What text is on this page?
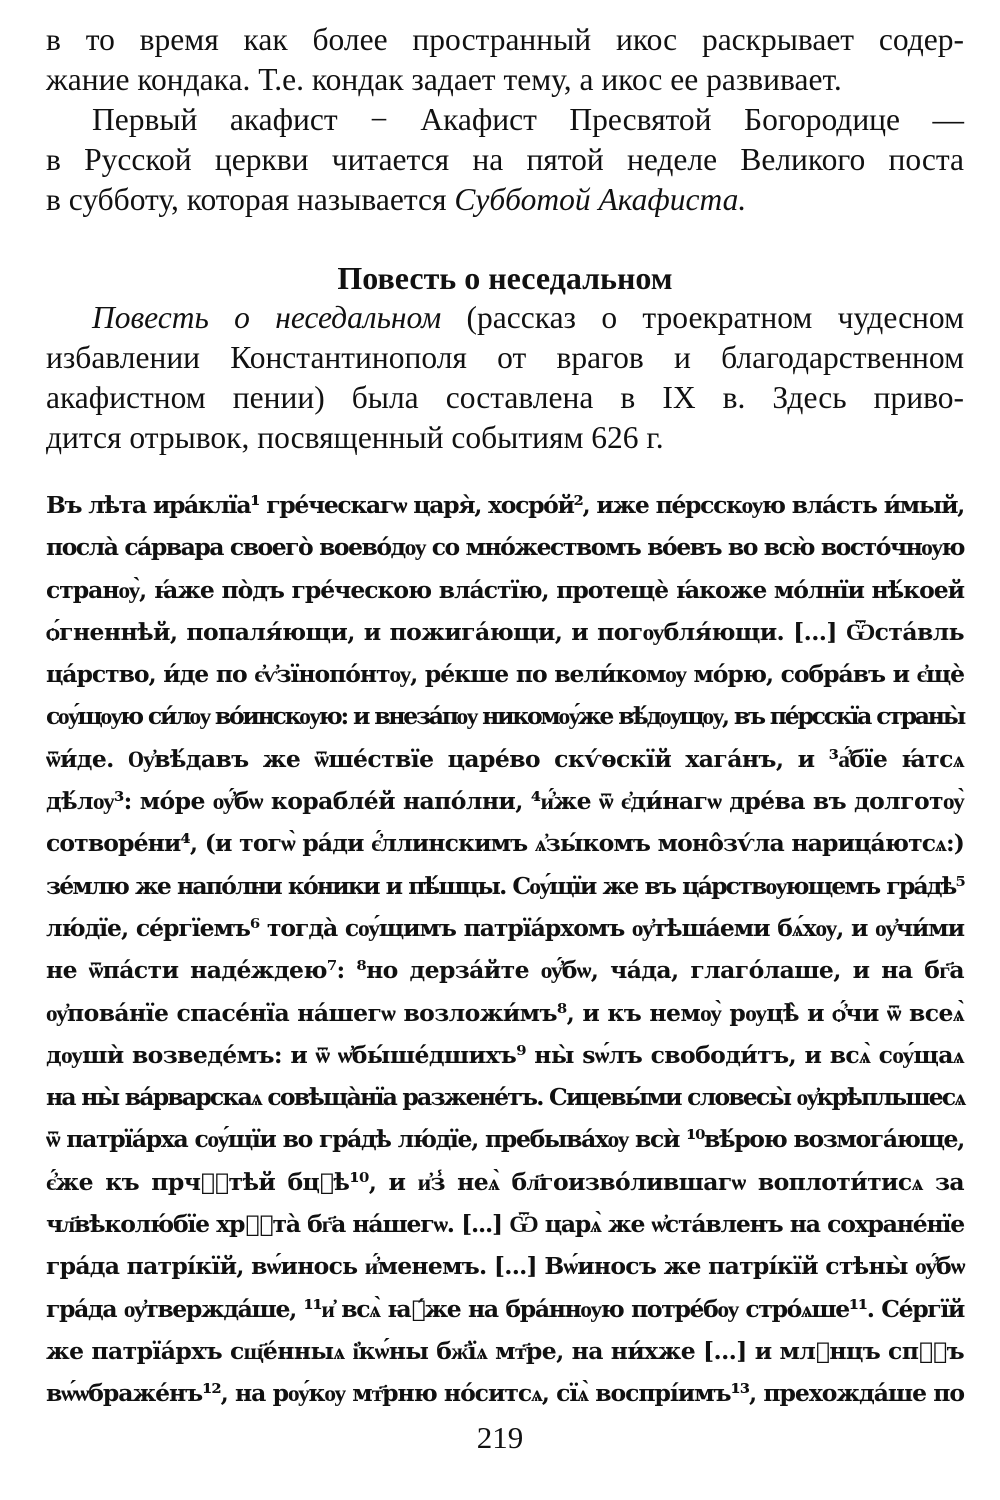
в то время как более пространный икос раскрывает содер-
жание кондака. Т.е. кондак задает тему, а икос ее развивает.
Первый акафист − Акафист Пресвятой Богородице —
в Русской церкви читается на пятой неделе Великого поста
в субботу, которая называется Субботой Акафиста.
Повесть о неседальном
Повесть о неседальном (рассказ о троекратном чудесном
избавлении Константинополя от врагов и благодарственном
акафистном пении) была составлена в IX в. Здесь приво-
дится отрывок, посвященный событиям 626 г.
Въ лѣта ира́клїа¹ гре́ческагѡ царя̀, хосро́й², иже пе́рсскѹю вла́сть и́мый,
посла̀ са́рвара своего̀ воево́дѹ со мно́жествомъ во́евъ во всю̀ восто́чнѹю
странѹ̀, ꙗ́же по̀дъ гре́ческою вла́стїю, протещѐ ꙗ́коже мо́лнїи нѣ́коей
ѻ́гненнѣй, попаля́ющи, и пожига́ющи, и погѹбля́ющи. [...] Ѿста́вль
ца́рство, и́де по є҆ѵ҆зїнопо́нтѹ, ре́кше по вели́комѹ мо́рю, собра́въ и є҆щѐ
сѹ́щѹю си́лѹ во́инскѹю: и внеза́пѹ никомѹ́же вѣ́дѹщѹ, въ пе́рсскїа страны̀
ѿи́де. Ѹ҆вѣ́давъ же ѿше́ствїе царе́во скѵ́ѳскїй хага́нъ, и ³а҆́бїе ꙗ́тсѧ
дѣ́лѹ³: мо́ре ѹ҆́бѡ корабле́й напо́лни, ⁴и҆́же ѿ є҆ди́нагѡ дре́ва въ долготѹ̀
сотворе́ни⁴, (и тогѡ̀ ра́ди є҆́ллинскимъ ѧ҆зы́комъ моно̂зѵ́ла нарица́ютсѧ:)
зе́млю же напо́лни ко́ники и пѣ́шцы. Сѹ́щїи же въ ца́рствѹющемъ гра́дѣ⁵
лю́дїе, се́ргїемъ⁶ тогда̀ сѹ́щимъ патрїа́рхомъ ѹ҆тѣша́еми бѧ́хѹ, и ѹ҆чи́ми
не ѿпа́сти наде́ждею⁷: ⁸но дерза́йте ѹ҆́бѡ, ча́да, глаго́лаше, и на бг҃а
ѹ҆пова́нїе спасе́нїа на́шегѡ возложи́мъ⁸, и къ немѹ̀ рѹцѣ̀ и ѻ҆́чи ѿ всеѧ̀
дѹшѝ возведе́мъ: и ѿ ѡ҆бы́ше́дшихъ⁹ ны̀ ѕѡ́лъ свободи́тъ, и всѧ̀ сѹ́щаѧ
на ны̀ ва́рварскаѧ совѣща̀нїа разжене́тъ. Сицевы́ми словесы̀ ѹ҆крѣпльшесѧ
ѿ патрїа́рха сѹ́щїи во гра́дѣ лю́дїе, пребыва́хѹ всѝ ¹⁰вѣ́рою возмога́юще,
є҆́же къ прчⷭ҇тѣй бцⷣѣ¹⁰, и и҆з̾ неѧ̀ бл҃гоизво́лившагѡ воплоти́тисѧ за
чл҃вѣколю́бїе хрⷭ҇та̀ бг҃а на́шегѡ. [...] Ѿ царѧ̀ же ѡ҆ста́вленъ на сохране́нїе
гра́да патрі́кїй, вѡ́инось и҆́менемъ. [...] Вѡ́иносъ же патрі́кїй стѣны̀ ѹ҆́бѡ
гра́да ѹ҆твержда́ше, ¹¹и҆ всѧ̀ ꙗ҆́же на бра́ннѹю потре́бѹ стро́ѧше¹¹. Се́ргїй
же патрїа́рхъ сщ҃е́нныѧ і҆кѡ́ны бж҃їѧ мт҃ре, на ни́хже [...] и млⷣнцъ спⷭ҇ъ
вѡ́ѡбраже́нъ¹², на рѹ́кѹ мт҃рню но́ситсѧ, сїѧ̀ воспрі́имъ¹³, прехожда́ше по
219
